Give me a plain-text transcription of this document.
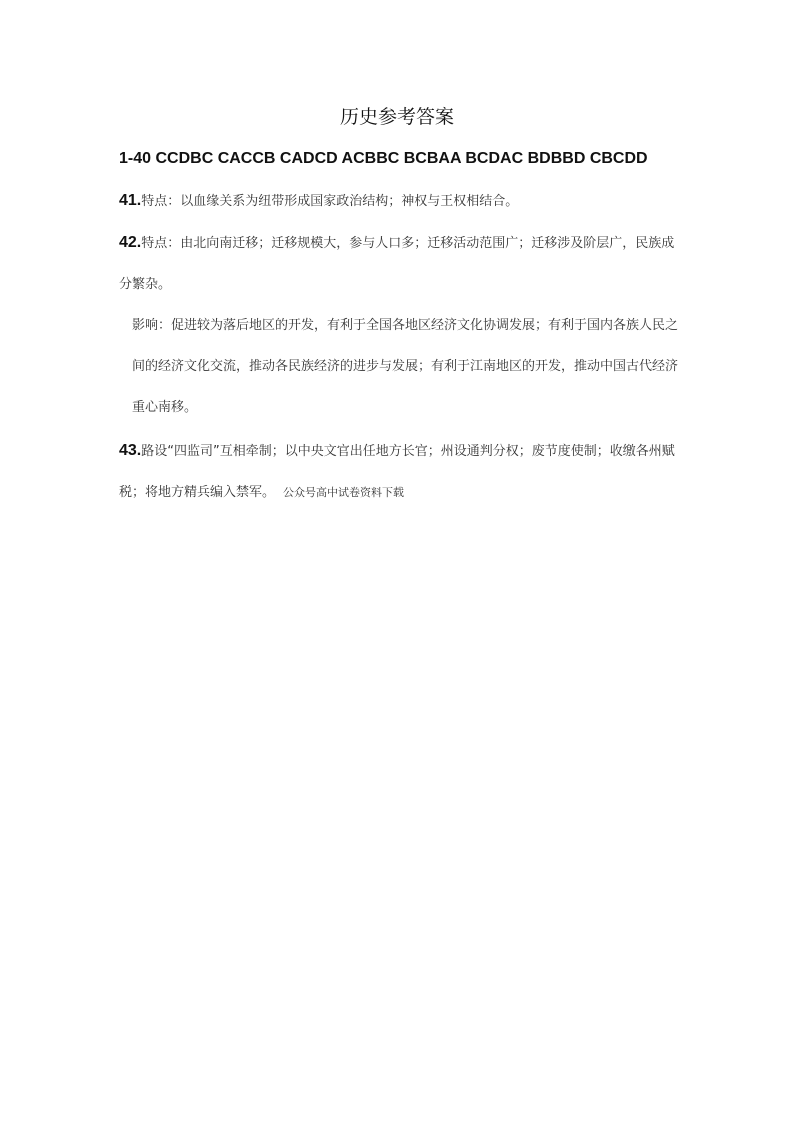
历史参考答案
1-40 CCDBC CACCB CADCD ACBBC BCBAA BCDAC BDBBD CBCDD
41.特点：以血缘关系为纽带形成国家政治结构；神权与王权相结合。
42.特点：由北向南迁移；迁移规模大，参与人口多；迁移活动范围广；迁移涉及阶层广，民族成分繁杂。
影响：促进较为落后地区的开发，有利于全国各地区经济文化协调发展；有利于国内各族人民之间的经济文化交流，推动各民族经济的进步与发展；有利于江南地区的开发，推动中国古代经济重心南移。
43.路设“四监司”互相牵制；以中央文官出任地方长官；州设通判分权；废节度使制；收缴各州赋税；将地方精兵编入禁军。 公众号高中试卷资料下载
